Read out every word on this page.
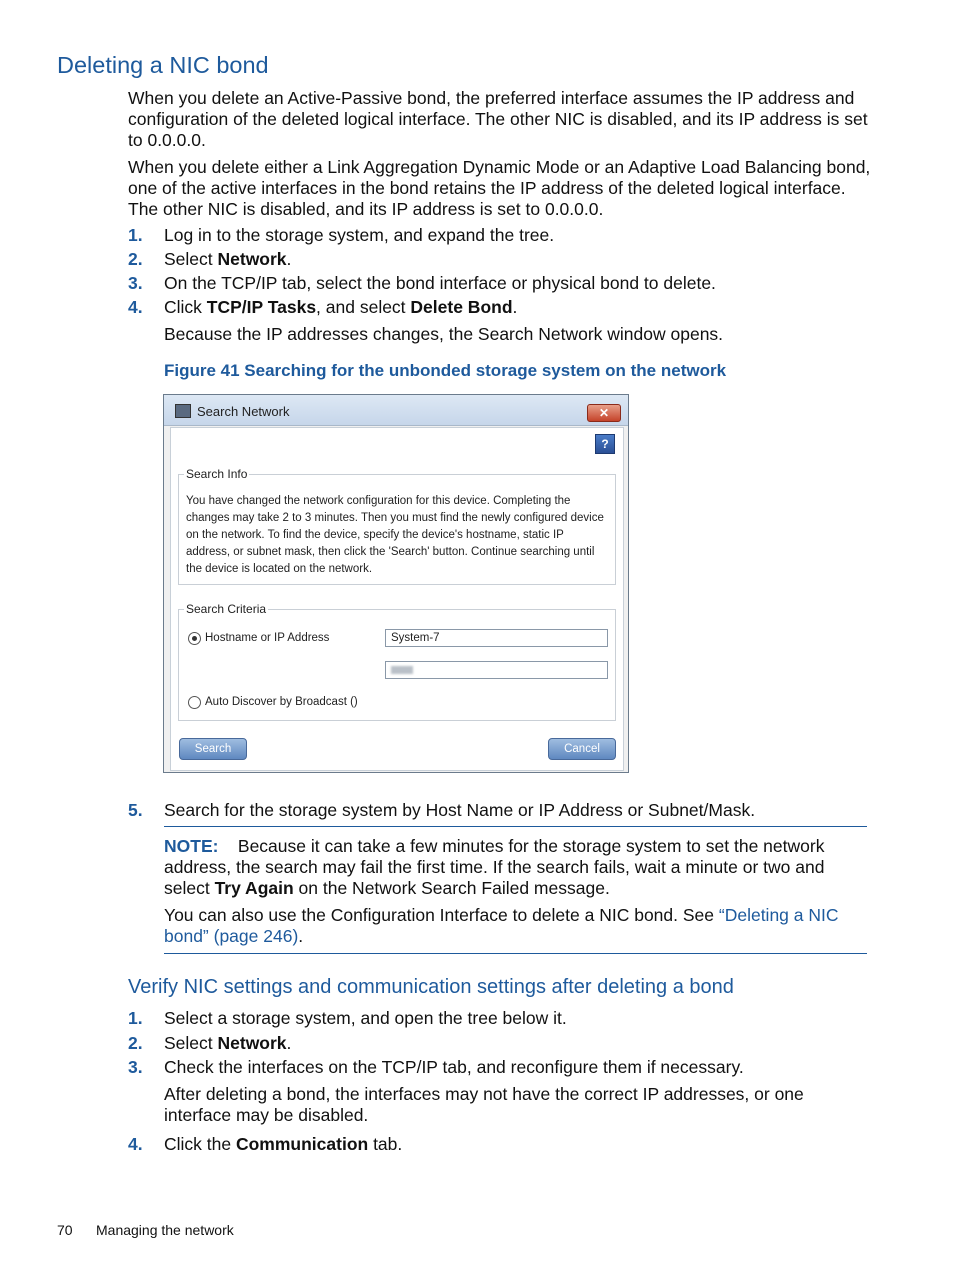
Deleting a NIC bond
When you delete an Active-Passive bond, the preferred interface assumes the IP address and configuration of the deleted logical interface. The other NIC is disabled, and its IP address is set to 0.0.0.0.
When you delete either a Link Aggregation Dynamic Mode or an Adaptive Load Balancing bond, one of the active interfaces in the bond retains the IP address of the deleted logical interface. The other NIC is disabled, and its IP address is set to 0.0.0.0.
1. Log in to the storage system, and expand the tree.
2. Select Network.
3. On the TCP/IP tab, select the bond interface or physical bond to delete.
4. Click TCP/IP Tasks, and select Delete Bond.
Because the IP addresses changes, the Search Network window opens.
Figure 41 Searching for the unbonded storage system on the network
Search Network	✕
?
Search Info
You have changed the network configuration for this device. Completing the changes may take 2 to 3 minutes. Then you must find the newly configured device on the network. To find the device, specify the device's hostname, static IP address, or subnet mask, then click the 'Search' button. Continue searching until the device is located on the network.
Search Criteria
Hostname or IP Address	System-7
Auto Discover by Broadcast ()
Search	Cancel
5. Search for the storage system by Host Name or IP Address or Subnet/Mask.
NOTE: Because it can take a few minutes for the storage system to set the network address, the search may fail the first time. If the search fails, wait a minute or two and select Try Again on the Network Search Failed message.
You can also use the Configuration Interface to delete a NIC bond. See “Deleting a NIC bond” (page 246).
Verify NIC settings and communication settings after deleting a bond
1. Select a storage system, and open the tree below it.
2. Select Network.
3. Check the interfaces on the TCP/IP tab, and reconfigure them if necessary.
After deleting a bond, the interfaces may not have the correct IP addresses, or one interface may be disabled.
4. Click the Communication tab.
70 Managing the network
